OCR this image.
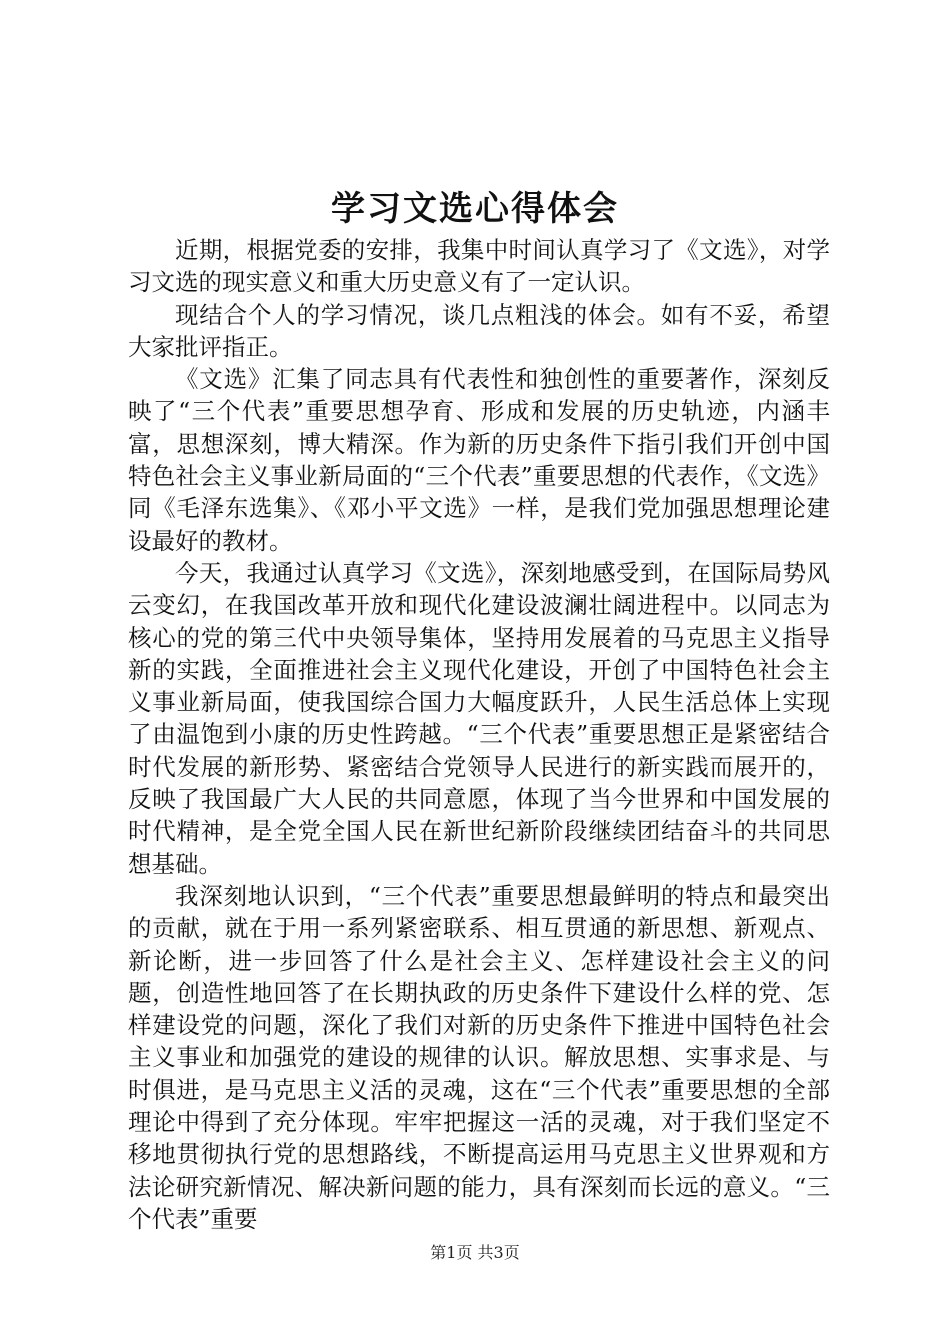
学习文选心得体会

近期，根据党委的安排，我集中时间认真学习了《文选》，对学习文选的现实意义和重大历史意义有了一定认识。

现结合个人的学习情况，谈几点粗浅的体会。如有不妥，希望大家批评指正。

《文选》汇集了同志具有代表性和独创性的重要著作，深刻反映了“三个代表”重要思想孕育、形成和发展的历史轨迹，内涵丰富，思想深刻，博大精深。作为新的历史条件下指引我们开创中国特色社会主义事业新局面的“三个代表”重要思想的代表作，《文选》同《毛泽东选集》、《邓小平文选》一样，是我们党加强思想理论建设最好的教材。

今天，我通过认真学习《文选》，深刻地感受到，在国际局势风云变幻，在我国改革开放和现代化建设波澜壮阔进程中。以同志为核心的党的第三代中央领导集体，坚持用发展着的马克思主义指导新的实践，全面推进社会主义现代化建设，开创了中国特色社会主义事业新局面，使我国综合国力大幅度跃升，人民生活总体上实现了由温饱到小康的历史性跨越。“三个代表”重要思想正是紧密结合时代发展的新形势、紧密结合党领导人民进行的新实践而展开的，反映了我国最广大人民的共同意愿，体现了当今世界和中国发展的时代精神，是全党全国人民在新世纪新阶段继续团结奋斗的共同思想基础。

我深刻地认识到，“三个代表”重要思想最鲜明的特点和最突出的贡献，就在于用一系列紧密联系、相互贯通的新思想、新观点、新论断，进一步回答了什么是社会主义、怎样建设社会主义的问题，创造性地回答了在长期执政的历史条件下建设什么样的党、怎样建设党的问题，深化了我们对新的历史条件下推进中国特色社会主义事业和加强党的建设的规律的认识。解放思想、实事求是、与时俱进，是马克思主义活的灵魂，这在“三个代表”重要思想的全部理论中得到了充分体现。牢牢把握这一活的灵魂，对于我们坚定不移地贯彻执行党的思想路线，不断提高运用马克思主义世界观和方法论研究新情况、解决新问题的能力，具有深刻而长远的意义。“三个代表”重要

第1页 共3页
